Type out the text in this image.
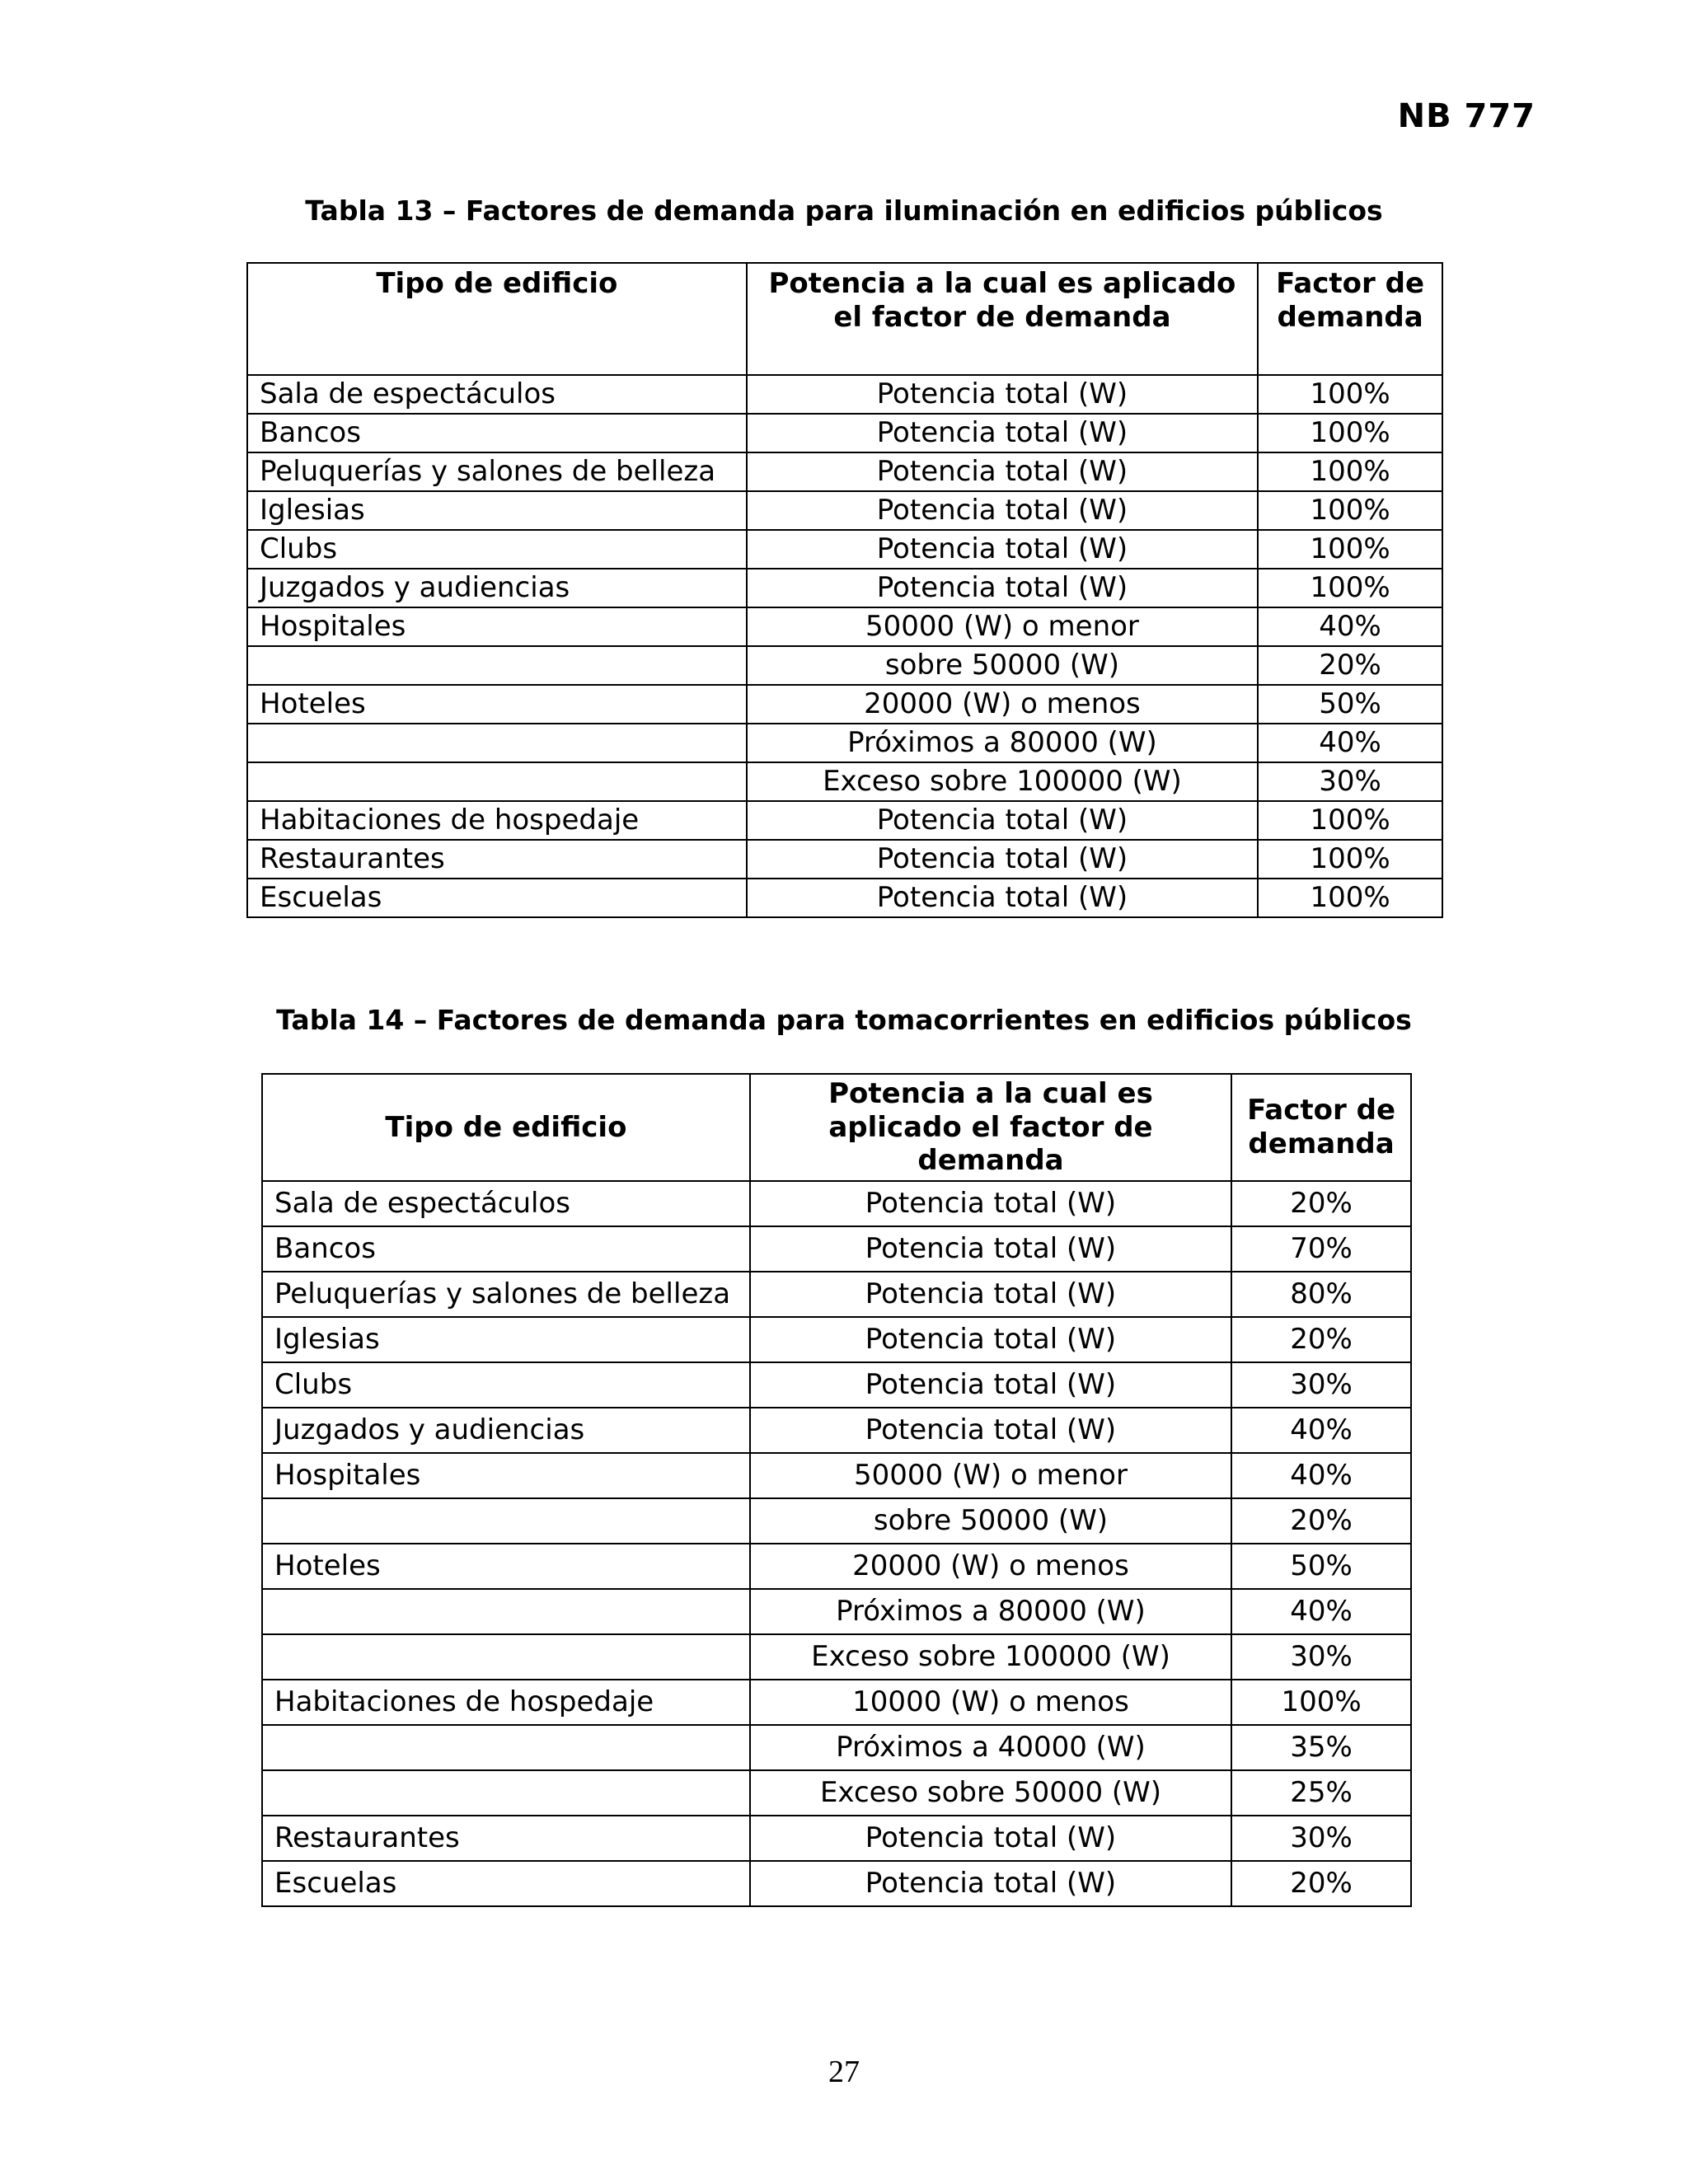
NB 777
Tabla 13 – Factores de demanda para iluminación en edificios públicos
Tipo de edificio	Potencia a la cual es aplicado el factor de demanda	Factor de demanda
Sala de espectáculos	Potencia total (W)	100%
Bancos	Potencia total (W)	100%
Peluquerías y salones de belleza	Potencia total (W)	100%
Iglesias	Potencia total (W)	100%
Clubs	Potencia total (W)	100%
Juzgados y audiencias	Potencia total (W)	100%
Hospitales	50000 (W) o menor	40%
	sobre 50000 (W)	20%
Hoteles	20000 (W) o menos	50%
	Próximos a 80000 (W)	40%
	Exceso sobre 100000 (W)	30%
Habitaciones de hospedaje	Potencia total (W)	100%
Restaurantes	Potencia total (W)	100%
Escuelas	Potencia total (W)	100%
Tabla 14 – Factores de demanda para tomacorrientes en edificios públicos
Tipo de edificio	Potencia a la cual es aplicado el factor de demanda	Factor de demanda
Sala de espectáculos	Potencia total (W)	20%
Bancos	Potencia total (W)	70%
Peluquerías y salones de belleza	Potencia total (W)	80%
Iglesias	Potencia total (W)	20%
Clubs	Potencia total (W)	30%
Juzgados y audiencias	Potencia total (W)	40%
Hospitales	50000 (W) o menor	40%
	sobre 50000 (W)	20%
Hoteles	20000 (W) o menos	50%
	Próximos a 80000 (W)	40%
	Exceso sobre 100000 (W)	30%
Habitaciones de hospedaje	10000 (W) o menos	100%
	Próximos a 40000 (W)	35%
	Exceso sobre 50000 (W)	25%
Restaurantes	Potencia total (W)	30%
Escuelas	Potencia total (W)	20%
27
